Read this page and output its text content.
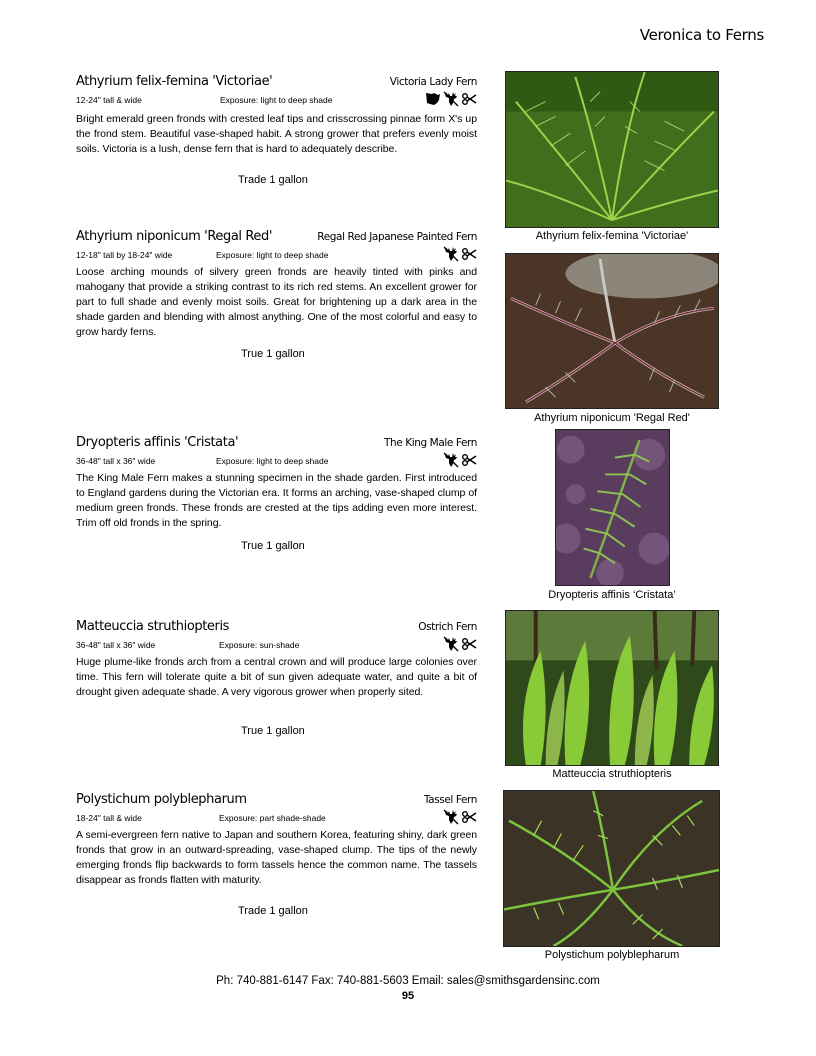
Veronica to Ferns
Athyrium felix-femina 'Victoriae'	Victoria Lady Fern
12-24" tall & wide	Exposure: light to deep shade
Bright emerald green fronds with crested leaf tips and crisscrossing pinnae form X's up the frond stem. Beautiful vase-shaped habit. A strong grower that prefers evenly moist soils. Victoria is a lush, dense fern that is hard to adequately describe.
Trade 1 gallon
Athyrium niponicum 'Regal Red'	Regal Red Japanese Painted Fern
12-18" tall by 18-24" wide	Exposure: light to deep shade
Loose arching mounds of silvery green fronds are heavily tinted with pinks and mahogany that provide a striking contrast to its rich red stems. An excellent grower for part to full shade and evenly moist soils. Great for brightening up a dark area in the shade garden and blending with almost anything. One of the most colorful and easy to grow hardy ferns.
True 1 gallon
Dryopteris affinis 'Cristata'	The King Male Fern
36-48" tall x 36" wide	Exposure: light to deep shade
The King Male Fern makes a stunning specimen in the shade garden. First introduced to England gardens during the Victorian era. It forms an arching, vase-shaped clump of medium green fronds. These fronds are crested at the tips adding even more interest. Trim off old fronds in the spring.
True 1 gallon
Matteuccia struthiopteris	Ostrich Fern
36-48" tall x 36" wide	Exposure: sun-shade
Huge plume-like fronds arch from a central crown and will produce large colonies over time. This fern will tolerate quite a bit of sun given adequate water, and quite a bit of drought given adequate shade. A very vigorous grower when properly sited.
True 1 gallon
Polystichum polyblepharum	Tassel Fern
18-24" tall & wide	Exposure: part shade-shade
A semi-evergreen fern native to Japan and southern Korea, featuring shiny, dark green fronds that grow in an outward-spreading, vase-shaped clump. The tips of the newly emerging fronds flip backwards to form tassels hence the common name. The tassels disappear as fronds flatten with maturity.
Trade 1 gallon
Athyrium felix-femina 'Victoriae'
Athyrium niponicum 'Regal Red'
Dryopteris affinis ‘Cristata’
Matteuccia struthiopteris
Polystichum polyblepharum
Ph: 740-881-6147 Fax: 740-881-5603 Email: sales@smithsgardensinc.com
95
